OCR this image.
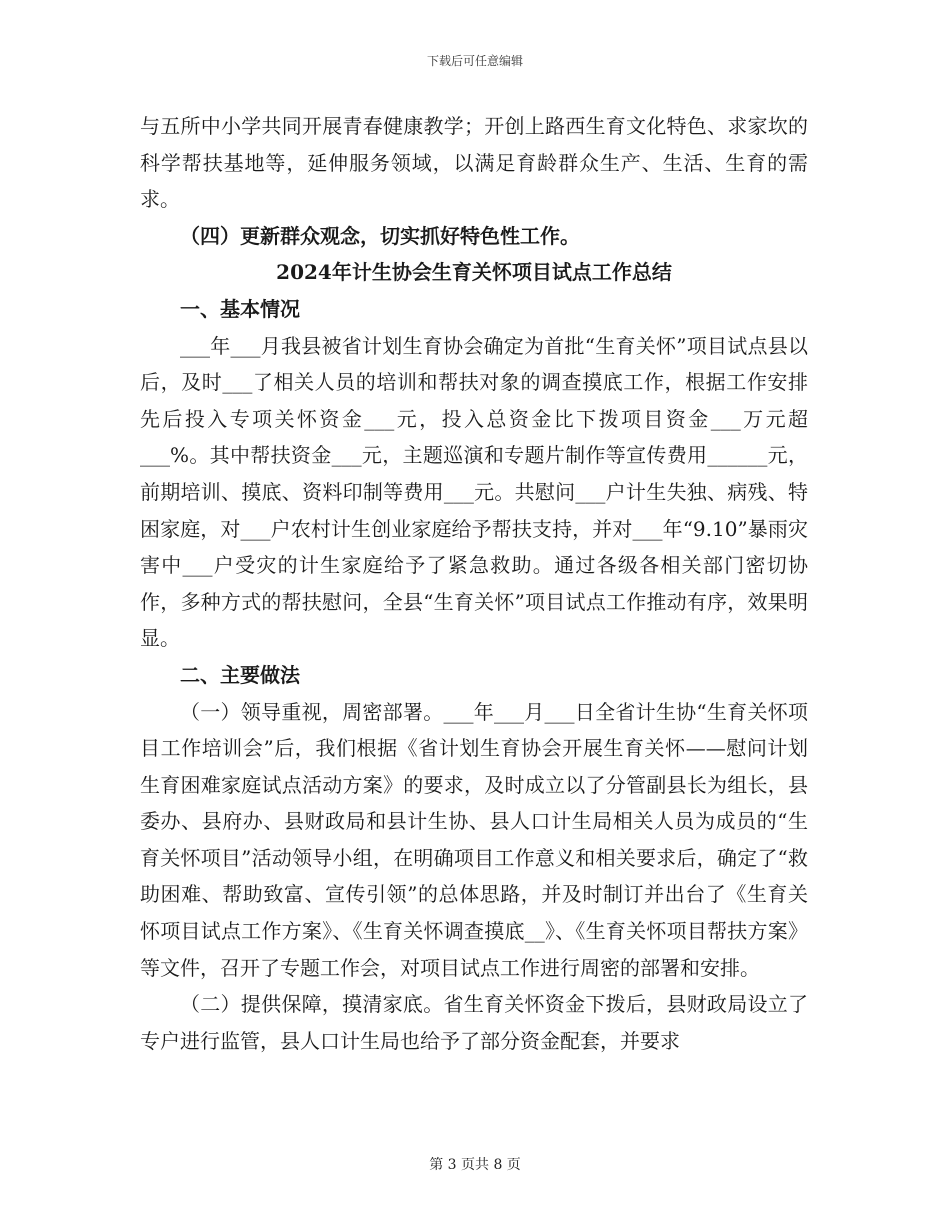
下载后可任意编辑

与五所中小学共同开展青春健康教学；开创上路西生育文化特色、求家坎的科学帮扶基地等，延伸服务领域，以满足育龄群众生产、生活、生育的需求。

（四）更新群众观念，切实抓好特色性工作。

2024年计生协会生育关怀项目试点工作总结

一、基本情况

___年___月我县被省计划生育协会确定为首批“生育关怀”项目试点县以后，及时___了相关人员的培训和帮扶对象的调查摸底工作，根据工作安排先后投入专项关怀资金___元，投入总资金比下拨项目资金___万元超___%。其中帮扶资金___元，主题巡演和专题片制作等宣传费用______元，前期培训、摸底、资料印制等费用___元。共慰问___户计生失独、病残、特困家庭，对___户农村计生创业家庭给予帮扶支持，并对___年“9.10”暴雨灾害中___户受灾的计生家庭给予了紧急救助。通过各级各相关部门密切协作，多种方式的帮扶慰问，全县“生育关怀”项目试点工作推动有序，效果明显。

二、主要做法

（一）领导重视，周密部署。___年___月___日全省计生协“生育关怀项目工作培训会”后，我们根据《省计划生育协会开展生育关怀——慰问计划生育困难家庭试点活动方案》的要求，及时成立以了分管副县长为组长，县委办、县府办、县财政局和县计生协、县人口计生局相关人员为成员的“生育关怀项目”活动领导小组，在明确项目工作意义和相关要求后，确定了“救助困难、帮助致富、宣传引领”的总体思路，并及时制订并出台了《生育关怀项目试点工作方案》、《生育关怀调查摸底__》、《生育关怀项目帮扶方案》等文件，召开了专题工作会，对项目试点工作进行周密的部署和安排。

（二）提供保障，摸清家底。省生育关怀资金下拨后，县财政局设立了专户进行监管，县人口计生局也给予了部分资金配套，并要求

第 3 页共 8 页
